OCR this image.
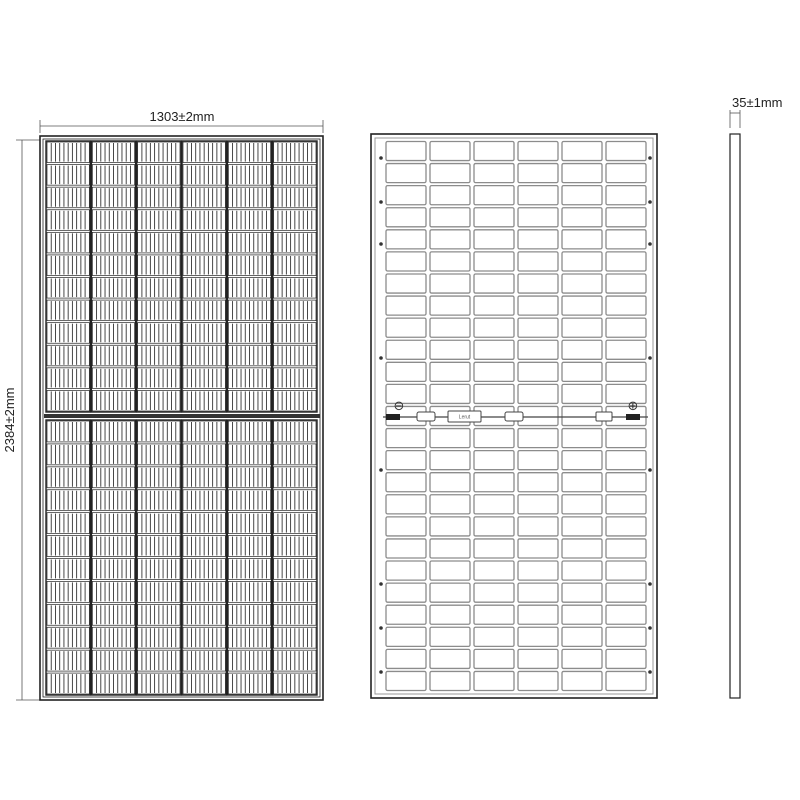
1303±2mm
2384±2mm
35±1mm
Lerut
⊖	⊕
